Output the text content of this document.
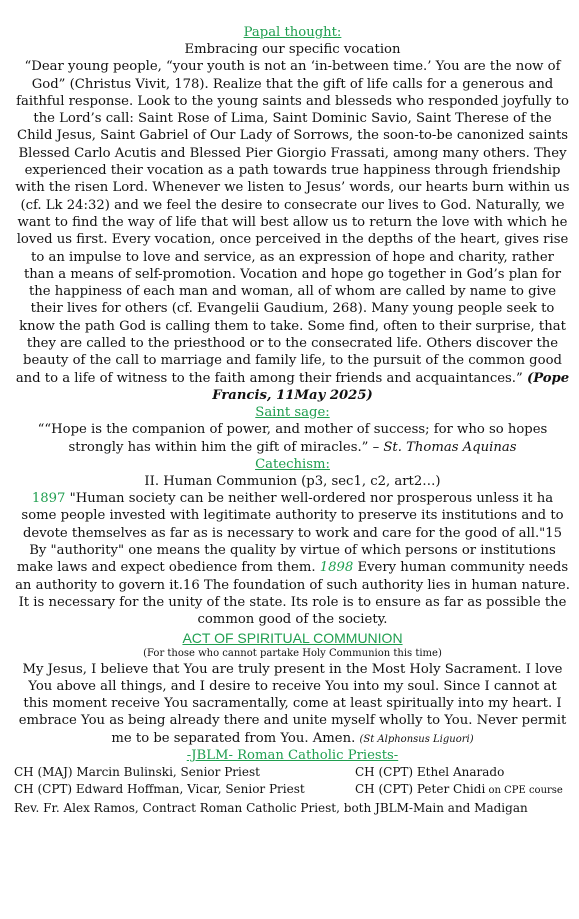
Papal thought:
Embracing our specific vocation
“Dear young people, “your youth is not an ‘in-between time.’ You are the now of God” (Christus Vivit, 178). Realize that the gift of life calls for a generous and faithful response. Look to the young saints and blesseds who responded joyfully to the Lord’s call: Saint Rose of Lima, Saint Dominic Savio, Saint Therese of the Child Jesus, Saint Gabriel of Our Lady of Sorrows, the soon-to-be canonized saints Blessed Carlo Acutis and Blessed Pier Giorgio Frassati, among many others. They experienced their vocation as a path towards true happiness through friendship with the risen Lord. Whenever we listen to Jesus’ words, our hearts burn within us (cf. Lk 24:32) and we feel the desire to consecrate our lives to God. Naturally, we want to find the way of life that will best allow us to return the love with which he loved us first. Every vocation, once perceived in the depths of the heart, gives rise to an impulse to love and service, as an expression of hope and charity, rather than a means of self-promotion. Vocation and hope go together in God’s plan for the happiness of each man and woman, all of whom are called by name to give their lives for others (cf. Evangelii Gaudium, 268). Many young people seek to know the path God is calling them to take. Some find, often to their surprise, that they are called to the priesthood or to the consecrated life. Others discover the beauty of the call to marriage and family life, to the pursuit of the common good and to a life of witness to the faith among their friends and acquaintances.” (Pope Francis, 11May 2025)
Saint sage:
““Hope is the companion of power, and mother of success; for who so hopes strongly has within him the gift of miracles.” – St. Thomas Aquinas
Catechism:
II. Human Communion (p3, sec1, c2, art2…)
1897 "Human society can be neither well-ordered nor prosperous unless it ha some people invested with legitimate authority to preserve its institutions and to devote themselves as far as is necessary to work and care for the good of all."15 By "authority" one means the quality by virtue of which persons or institutions make laws and expect obedience from them. 1898 Every human community needs an authority to govern it.16 The foundation of such authority lies in human nature. It is necessary for the unity of the state. Its role is to ensure as far as possible the common good of the society.
ACT OF SPIRITUAL COMMUNION
(For those who cannot partake Holy Communion this time)
My Jesus, I believe that You are truly present in the Most Holy Sacrament. I love You above all things, and I desire to receive You into my soul. Since I cannot at this moment receive You sacramentally, come at least spiritually into my heart. I embrace You as being already there and unite myself wholly to You. Never permit me to be separated from You. Amen. (St Alphonsus Liguori)
-JBLM- Roman Catholic Priests-
CH (MAJ) Marcin Bulinski, Senior Priest	CH (CPT) Ethel Anarado
CH (CPT) Edward Hoffman, Vicar, Senior Priest	CH (CPT) Peter Chidi on CPE course
Rev. Fr. Alex Ramos, Contract Roman Catholic Priest, both JBLM-Main and Madigan
